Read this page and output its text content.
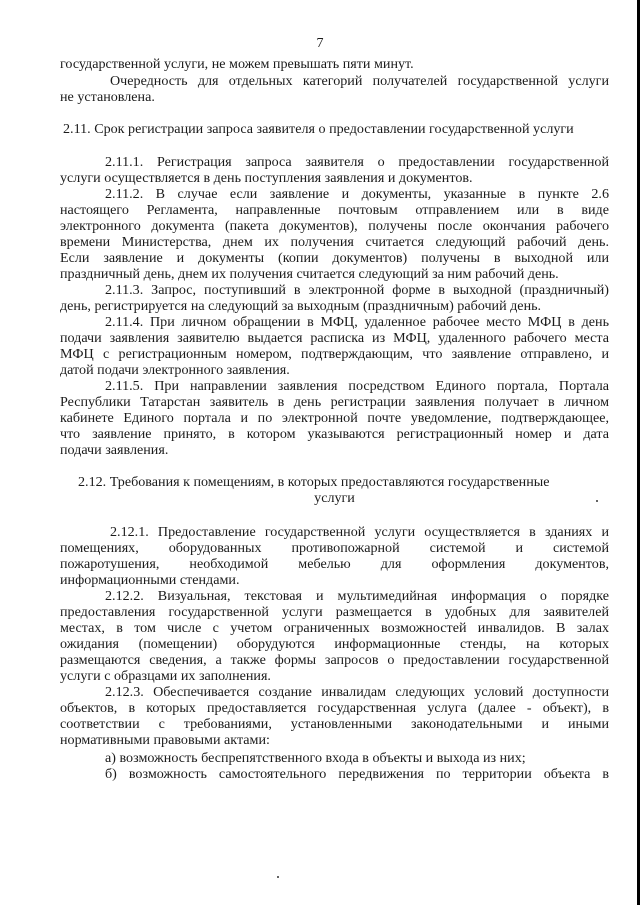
7
государственной услуги, не можем превышать пяти минут.
Очередность для отдельных категорий получателей государственной услуги
не установлена.
2.11. Срок регистрации запроса заявителя о предоставлении государственной услуги
2.11.1. Регистрация запроса заявителя о предоставлении государственной
услуги осуществляется в день поступления заявления и документов.
2.11.2. В случае если заявление и документы, указанные в пункте 2.6
настоящего Регламента, направленные почтовым отправлением или в виде
электронного документа (пакета документов), получены после окончания рабочего
времени Министерства, днем их получения считается следующий рабочий день.
Если заявление и документы (копии документов) получены в выходной или
праздничный день, днем их получения считается следующий за ним рабочий день.
2.11.3. Запрос, поступивший в электронной форме в выходной (праздничный)
день, регистрируется на следующий за выходным (праздничным) рабочий день.
2.11.4. При личном обращении в МФЦ, удаленное рабочее место МФЦ в день
подачи заявления заявителю выдается расписка из МФЦ, удаленного рабочего места
МФЦ с регистрационным номером, подтверждающим, что заявление отправлено, и
датой подачи электронного заявления.
2.11.5. При направлении заявления посредством Единого портала, Портала
Республики Татарстан заявитель в день регистрации заявления получает в личном
кабинете Единого портала и по электронной почте уведомление, подтверждающее,
что заявление принято, в котором указываются регистрационный номер и дата
подачи заявления.
2.12. Требования к помещениям, в которых предоставляются государственные
услуги
2.12.1. Предоставление государственной услуги осуществляется в зданиях и
помещениях, оборудованных противопожарной системой и системой
пожаротушения, необходимой мебелью для оформления документов,
информационными стендами.
2.12.2. Визуальная, текстовая и мультимедийная информация о порядке
предоставления государственной услуги размещается в удобных для заявителей
местах, в том числе с учетом ограниченных возможностей инвалидов. В залах
ожидания (помещении) оборудуются информационные стенды, на которых
размещаются сведения, а также формы запросов о предоставлении государственной
услуги с образцами их заполнения.
2.12.3. Обеспечивается создание инвалидам следующих условий доступности
объектов, в которых предоставляется государственная услуга (далее - объект), в
соответствии с требованиями, установленными законодательными и иными
нормативными правовыми актами:
а) возможность беспрепятственного входа в объекты и выхода из них;
б) возможность самостоятельного передвижения по территории объекта в
